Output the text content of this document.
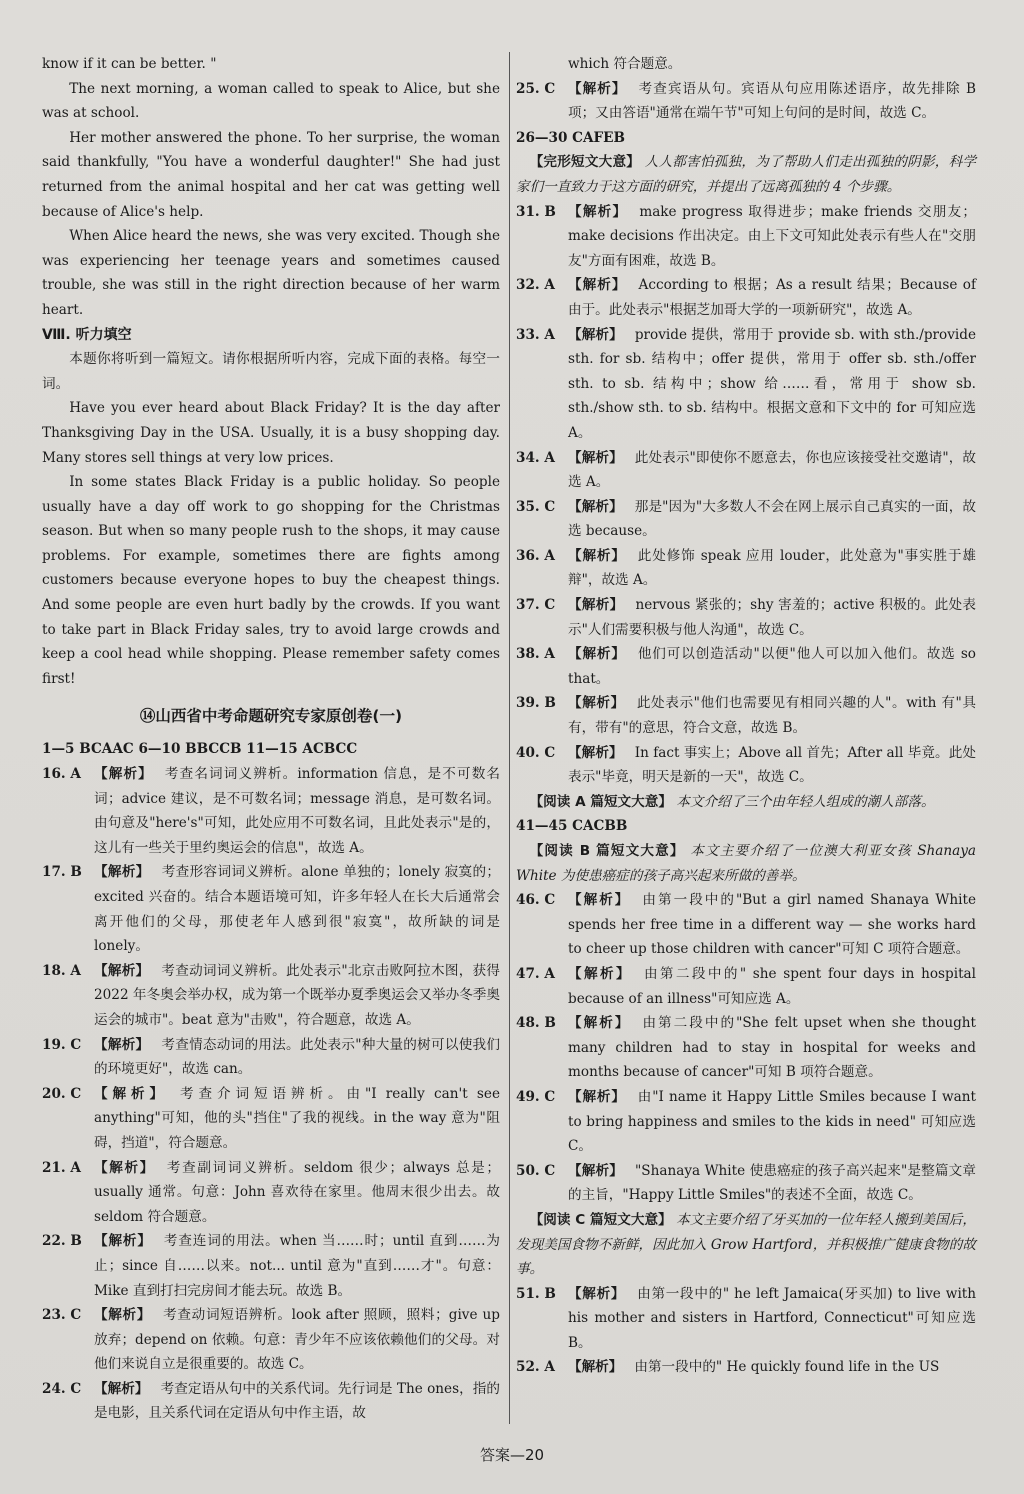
know if it can be better. "

The next morning, a woman called to speak to Alice, but she was at school.

Her mother answered the phone. To her surprise, the woman said thankfully, "You have a wonderful daughter!" She had just returned from the animal hospital and her cat was getting well because of Alice's help.

When Alice heard the news, she was very excited. Though she was experiencing her teenage years and sometimes caused trouble, she was still in the right direction because of her warm heart.

Ⅷ. 听力填空

本题你将听到一篇短文。请你根据所听内容，完成下面的表格。每空一词。

Have you ever heard about Black Friday? It is the day after Thanksgiving Day in the USA. Usually, it is a busy shopping day. Many stores sell things at very low prices.

In some states Black Friday is a public holiday. So people usually have a day off work to go shopping for the Christmas season. But when so many people rush to the shops, it may cause problems. For example, sometimes there are fights among customers because everyone hopes to buy the cheapest things. And some people are even hurt badly by the crowds. If you want to take part in Black Friday sales, try to avoid large crowds and keep a cool head while shopping. Please remember safety comes first!

⑭山西省中考命题研究专家原创卷(一)

1—5 BCAAC 6—10 BBCCB 11—15 ACBCC

16. A 【解析】 考查名词词义辨析。information 信息，是不可数名词；advice 建议，是不可数名词；message 消息，是可数名词。由句意及"here's"可知，此处应用不可数名词，且此处表示"是的，这儿有一些关于里约奥运会的信息"，故选 A。
17. B 【解析】 考查形容词词义辨析。alone 单独的；lonely 寂寞的；excited 兴奋的。结合本题语境可知，许多年轻人在长大后通常会离开他们的父母，那使老年人感到很"寂寞"，故所缺的词是 lonely。
18. A 【解析】 考查动词词义辨析。此处表示"北京击败阿拉木图，获得 2022 年冬奥会举办权，成为第一个既举办夏季奥运会又举办冬季奥运会的城市"。beat 意为"击败"，符合题意，故选 A。
19. C 【解析】 考查情态动词的用法。此处表示"种大量的树可以使我们的环境更好"，故选 can。
20. C 【解析】 考查介词短语辨析。由"I really can't see anything"可知，他的头"挡住"了我的视线。in the way 意为"阻碍，挡道"，符合题意。
21. A 【解析】 考查副词词义辨析。seldom 很少；always 总是；usually 通常。句意：John 喜欢待在家里。他周末很少出去。故 seldom 符合题意。
22. B 【解析】 考查连词的用法。when 当……时；until 直到……为止；since 自……以来。not... until 意为"直到……才"。句意：Mike 直到打扫完房间才能去玩。故选 B。
23. C 【解析】 考查动词短语辨析。look after 照顾，照料；give up 放弃；depend on 依赖。句意：青少年不应该依赖他们的父母。对他们来说自立是很重要的。故选 C。
24. C 【解析】 考查定语从句中的关系代词。先行词是 The ones，指的是电影，且关系代词在定语从句中作主语，故
which 符合题意。
25. C 【解析】 考查宾语从句。宾语从句应用陈述语序，故先排除 B 项；又由答语"通常在端午节"可知上句问的是时间，故选 C。

26—30 CAFEB

【完形短文大意】 人人都害怕孤独，为了帮助人们走出孤独的阴影，科学家们一直致力于这方面的研究，并提出了远离孤独的 4 个步骤。

31. B 【解析】 make progress 取得进步；make friends 交朋友；make decisions 作出决定。由上下文可知此处表示有些人在"交朋友"方面有困难，故选 B。
32. A 【解析】 According to 根据；As a result 结果；Because of 由于。此处表示"根据芝加哥大学的一项新研究"，故选 A。
33. A 【解析】 provide 提供，常用于 provide sb. with sth./provide sth. for sb. 结构中；offer 提供，常用于 offer sb. sth./offer sth. to sb. 结构中；show 给……看，常用于 show sb. sth./show sth. to sb. 结构中。根据文意和下文中的 for 可知应选 A。
34. A 【解析】 此处表示"即使你不愿意去，你也应该接受社交邀请"，故选 A。
35. C 【解析】 那是"因为"大多数人不会在网上展示自己真实的一面，故选 because。
36. A 【解析】 此处修饰 speak 应用 louder，此处意为"事实胜于雄辩"，故选 A。
37. C 【解析】 nervous 紧张的；shy 害羞的；active 积极的。此处表示"人们需要积极与他人沟通"，故选 C。
38. A 【解析】 他们可以创造活动"以便"他人可以加入他们。故选 so that。
39. B 【解析】 此处表示"他们也需要见有相同兴趣的人"。with 有"具有，带有"的意思，符合文意，故选 B。
40. C 【解析】 In fact 事实上；Above all 首先；After all 毕竟。此处表示"毕竟，明天是新的一天"，故选 C。

【阅读 A 篇短文大意】 本文介绍了三个由年轻人组成的潮人部落。

41—45 CACBB

【阅读 B 篇短文大意】 本文主要介绍了一位澳大利亚女孩 Shanaya White 为使患癌症的孩子高兴起来所做的善举。

46. C 【解析】 由第一段中的"But a girl named Shanaya White spends her free time in a different way — she works hard to cheer up those children with cancer"可知 C 项符合题意。
47. A 【解析】 由第二段中的" she spent four days in hospital because of an illness"可知应选 A。
48. B 【解析】 由第二段中的"She felt upset when she thought many children had to stay in hospital for weeks and months because of cancer"可知 B 项符合题意。
49. C 【解析】 由"I name it Happy Little Smiles because I want to bring happiness and smiles to the kids in need" 可知应选 C。
50. C 【解析】 "Shanaya White 使患癌症的孩子高兴起来"是整篇文章的主旨，"Happy Little Smiles"的表述不全面，故选 C。

【阅读 C 篇短文大意】 本文主要介绍了牙买加的一位年轻人搬到美国后，发现美国食物不新鲜，因此加入 Grow Hartford，并积极推广健康食物的故事。

51. B 【解析】 由第一段中的" he left Jamaica(牙买加) to live with his mother and sisters in Hartford, Connecticut"可知应选 B。
52. A 【解析】 由第一段中的" He quickly found life in the US
答案—20
